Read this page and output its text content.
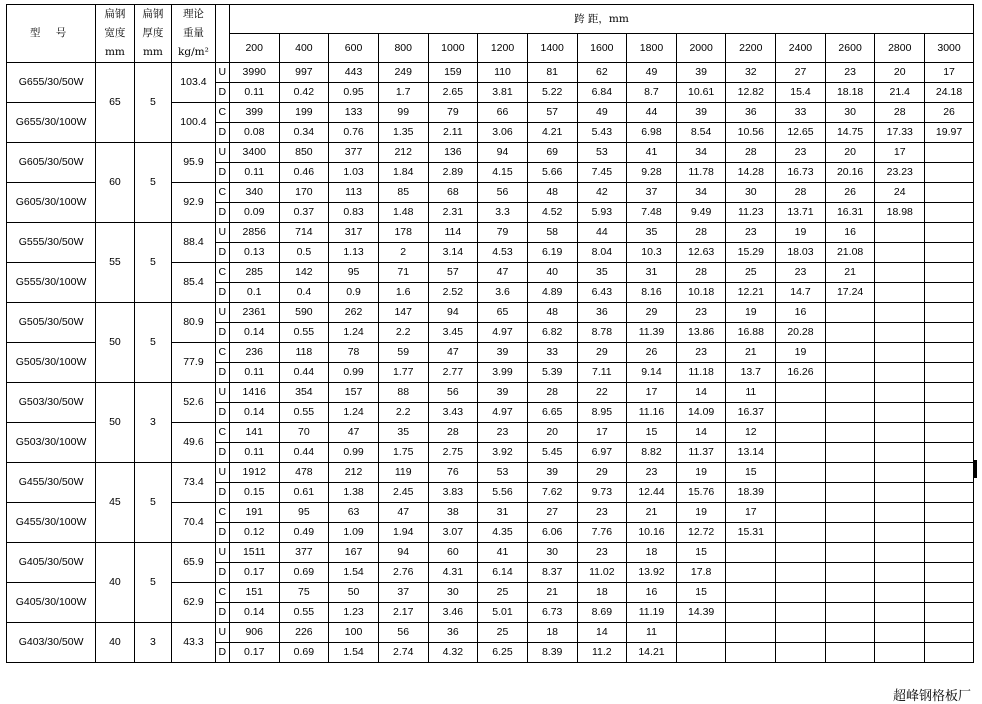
型 号	扁钢
宽度
mm	扁钢
厚度
mm	理论
重量
kg/m²		跨 距，mm														
					200	400	600	800	1000	1200	1400	1600	1800	2000	2200	2400	2600	2800	3000
G655/30/50W	65	5	103.4	U	3990	997	443	249	159	110	81	62	49	39	32	27	23	20	17
				D	0.11	0.42	0.95	1.7	2.65	3.81	5.22	6.84	8.7	10.61	12.82	15.4	18.18	21.4	24.18
G655/30/100W			100.4	C	399	199	133	99	79	66	57	49	44	39	36	33	30	28	26
				D	0.08	0.34	0.76	1.35	2.11	3.06	4.21	5.43	6.98	8.54	10.56	12.65	14.75	17.33	19.97
G605/30/50W	60	5	95.9	U	3400	850	377	212	136	94	69	53	41	34	28	23	20	17	
				D	0.11	0.46	1.03	1.84	2.89	4.15	5.66	7.45	9.28	11.78	14.28	16.73	20.16	23.23	
G605/30/100W			92.9	C	340	170	113	85	68	56	48	42	37	34	30	28	26	24	
				D	0.09	0.37	0.83	1.48	2.31	3.3	4.52	5.93	7.48	9.49	11.23	13.71	16.31	18.98	
G555/30/50W	55	5	88.4	U	2856	714	317	178	114	79	58	44	35	28	23	19	16		
				D	0.13	0.5	1.13	2	3.14	4.53	6.19	8.04	10.3	12.63	15.29	18.03	21.08		
G555/30/100W			85.4	C	285	142	95	71	57	47	40	35	31	28	25	23	21		
				D	0.1	0.4	0.9	1.6	2.52	3.6	4.89	6.43	8.16	10.18	12.21	14.7	17.24		
G505/30/50W	50	5	80.9	U	2361	590	262	147	94	65	48	36	29	23	19	16			
				D	0.14	0.55	1.24	2.2	3.45	4.97	6.82	8.78	11.39	13.86	16.88	20.28			
G505/30/100W			77.9	C	236	118	78	59	47	39	33	29	26	23	21	19			
				D	0.11	0.44	0.99	1.77	2.77	3.99	5.39	7.11	9.14	11.18	13.7	16.26			
G503/30/50W	50	3	52.6	U	1416	354	157	88	56	39	28	22	17	14	11				
				D	0.14	0.55	1.24	2.2	3.43	4.97	6.65	8.95	11.16	14.09	16.37				
G503/30/100W			49.6	C	141	70	47	35	28	23	20	17	15	14	12				
				D	0.11	0.44	0.99	1.75	2.75	3.92	5.45	6.97	8.82	11.37	13.14				
G455/30/50W	45	5	73.4	U	1912	478	212	119	76	53	39	29	23	19	15				
				D	0.15	0.61	1.38	2.45	3.83	5.56	7.62	9.73	12.44	15.76	18.39				
G455/30/100W			70.4	C	191	95	63	47	38	31	27	23	21	19	17				
				D	0.12	0.49	1.09	1.94	3.07	4.35	6.06	7.76	10.16	12.72	15.31				
G405/30/50W	40	5	65.9	U	1511	377	167	94	60	41	30	23	18	15					
				D	0.17	0.69	1.54	2.76	4.31	6.14	8.37	11.02	13.92	17.8					
G405/30/100W			62.9	C	151	75	50	37	30	25	21	18	16	15					
				D	0.14	0.55	1.23	2.17	3.46	5.01	6.73	8.69	11.19	14.39					
G403/30/50W	40	3	43.3	U	906	226	100	56	36	25	18	14	11						
				D	0.17	0.69	1.54	2.74	4.32	6.25	8.39	11.2	14.21						
超峰钢格板厂
